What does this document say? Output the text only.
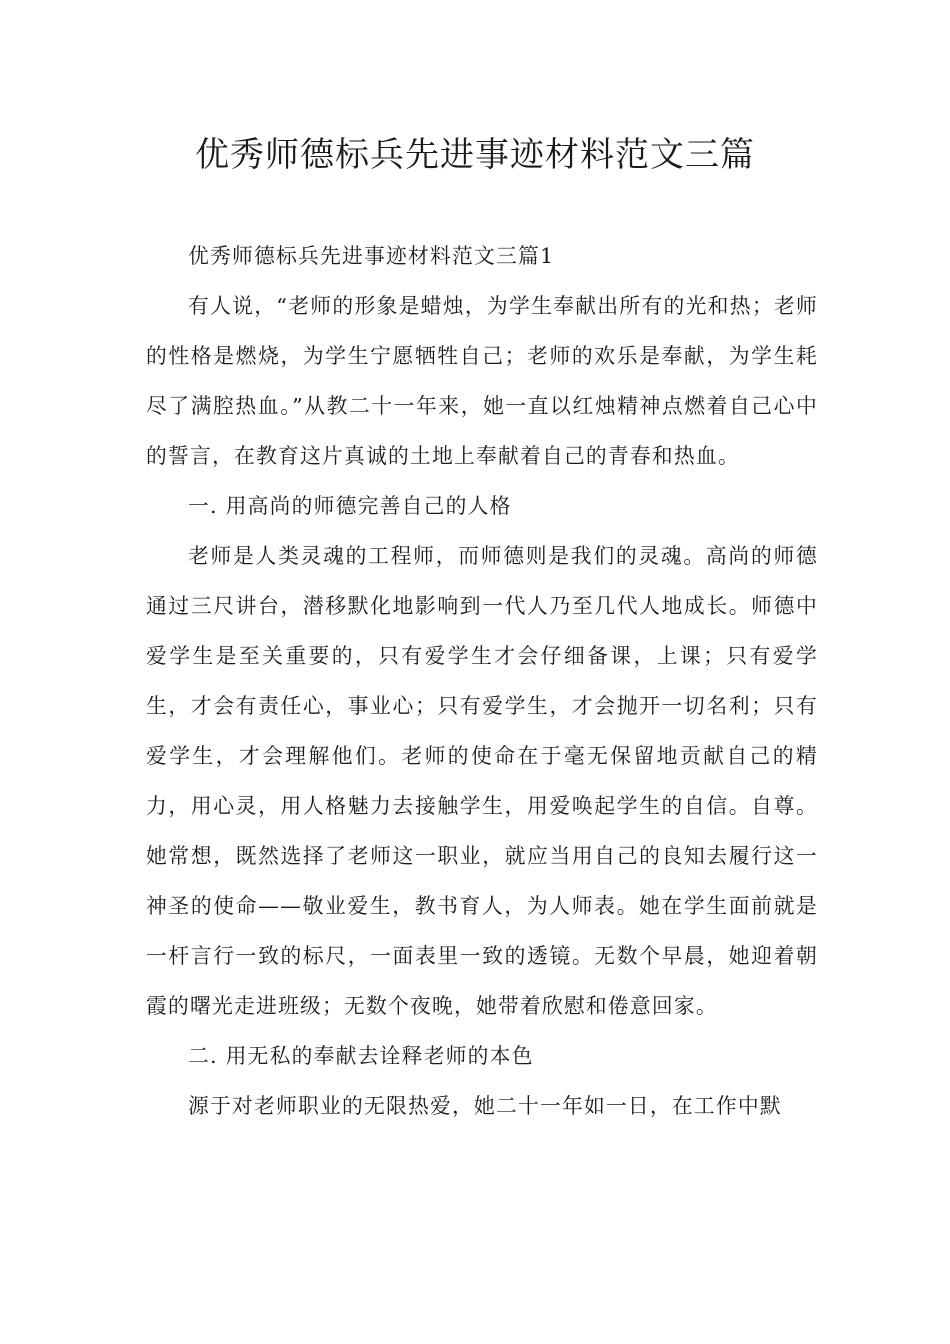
优秀师德标兵先进事迹材料范文三篇

优秀师德标兵先进事迹材料范文三篇1

有人说，“老师的形象是蜡烛，为学生奉献出所有的光和热；老师的性格是燃烧，为学生宁愿牺牲自己；老师的欢乐是奉献，为学生耗尽了满腔热血。”从教二十一年来，她一直以红烛精神点燃着自己心中的誓言，在教育这片真诚的土地上奉献着自己的青春和热血。

一. 用高尚的师德完善自己的人格

老师是人类灵魂的工程师，而师德则是我们的灵魂。高尚的师德通过三尺讲台，潜移默化地影响到一代人乃至几代人地成长。师德中爱学生是至关重要的，只有爱学生才会仔细备课，上课；只有爱学生，才会有责任心，事业心；只有爱学生，才会抛开一切名利；只有爱学生，才会理解他们。老师的使命在于毫无保留地贡献自己的精力，用心灵，用人格魅力去接触学生，用爱唤起学生的自信。自尊。她常想，既然选择了老师这一职业，就应当用自己的良知去履行这一神圣的使命——敬业爱生，教书育人，为人师表。她在学生面前就是一杆言行一致的标尺，一面表里一致的透镜。无数个早晨，她迎着朝霞的曙光走进班级；无数个夜晚，她带着欣慰和倦意回家。

二. 用无私的奉献去诠释老师的本色

源于对老师职业的无限热爱，她二十一年如一日，在工作中默
